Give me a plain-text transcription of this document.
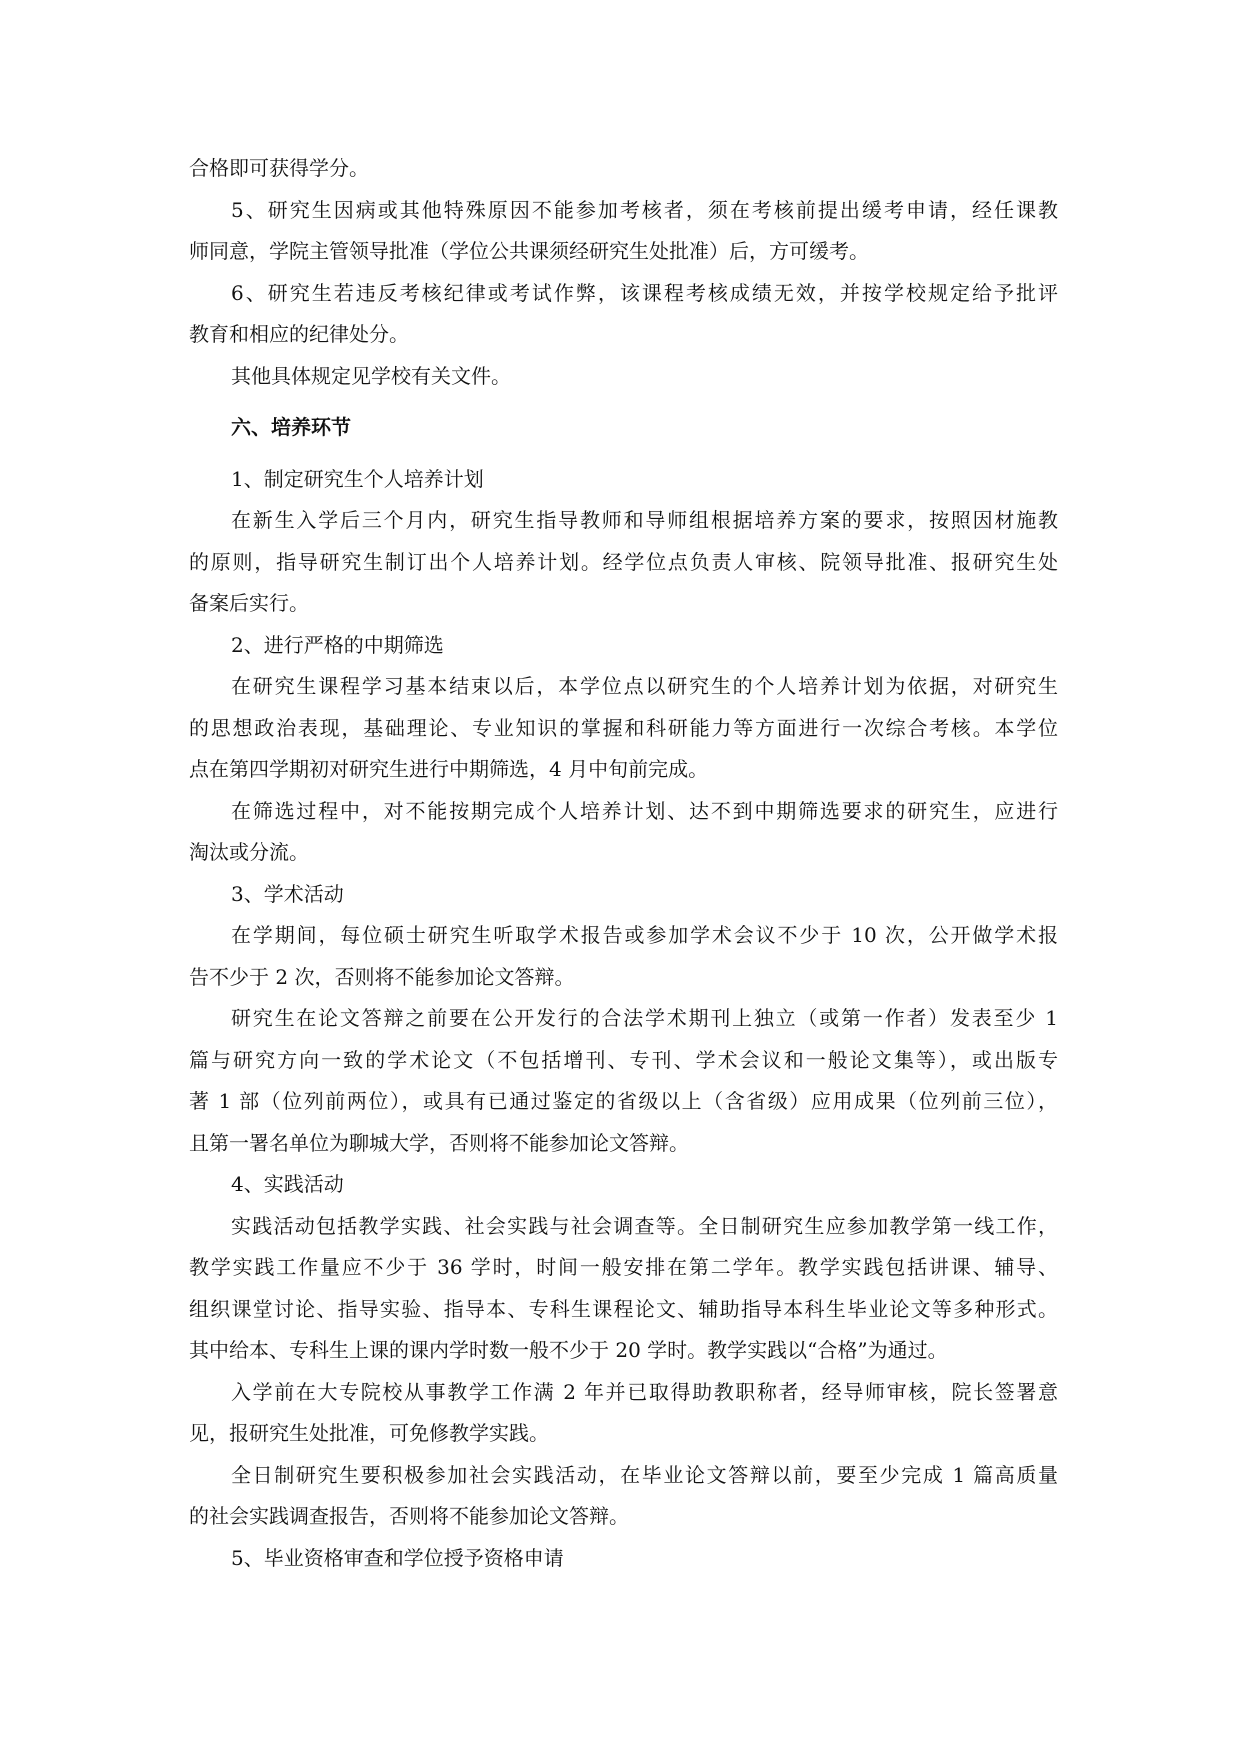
合格即可获得学分。
5、研究生因病或其他特殊原因不能参加考核者，须在考核前提出缓考申请，经任课教
师同意，学院主管领导批准（学位公共课须经研究生处批准）后，方可缓考。
6、研究生若违反考核纪律或考试作弊，该课程考核成绩无效，并按学校规定给予批评
教育和相应的纪律处分。
其他具体规定见学校有关文件。
六、培养环节
1、制定研究生个人培养计划
在新生入学后三个月内，研究生指导教师和导师组根据培养方案的要求，按照因材施教
的原则，指导研究生制订出个人培养计划。经学位点负责人审核、院领导批准、报研究生处
备案后实行。
2、进行严格的中期筛选
在研究生课程学习基本结束以后，本学位点以研究生的个人培养计划为依据，对研究生
的思想政治表现，基础理论、专业知识的掌握和科研能力等方面进行一次综合考核。本学位
点在第四学期初对研究生进行中期筛选，4 月中旬前完成。
在筛选过程中，对不能按期完成个人培养计划、达不到中期筛选要求的研究生，应进行
淘汰或分流。
3、学术活动
在学期间，每位硕士研究生听取学术报告或参加学术会议不少于 10 次，公开做学术报
告不少于 2 次，否则将不能参加论文答辩。
研究生在论文答辩之前要在公开发行的合法学术期刊上独立（或第一作者）发表至少 1
篇与研究方向一致的学术论文（不包括增刊、专刊、学术会议和一般论文集等），或出版专
著 1 部（位列前两位），或具有已通过鉴定的省级以上（含省级）应用成果（位列前三位），
且第一署名单位为聊城大学，否则将不能参加论文答辩。
4、实践活动
实践活动包括教学实践、社会实践与社会调查等。全日制研究生应参加教学第一线工作，
教学实践工作量应不少于 36 学时，时间一般安排在第二学年。教学实践包括讲课、辅导、
组织课堂讨论、指导实验、指导本、专科生课程论文、辅助指导本科生毕业论文等多种形式。
其中给本、专科生上课的课内学时数一般不少于 20 学时。教学实践以“合格”为通过。
入学前在大专院校从事教学工作满 2 年并已取得助教职称者，经导师审核，院长签署意
见，报研究生处批准，可免修教学实践。
全日制研究生要积极参加社会实践活动，在毕业论文答辩以前，要至少完成 1 篇高质量
的社会实践调查报告，否则将不能参加论文答辩。
5、毕业资格审查和学位授予资格申请
